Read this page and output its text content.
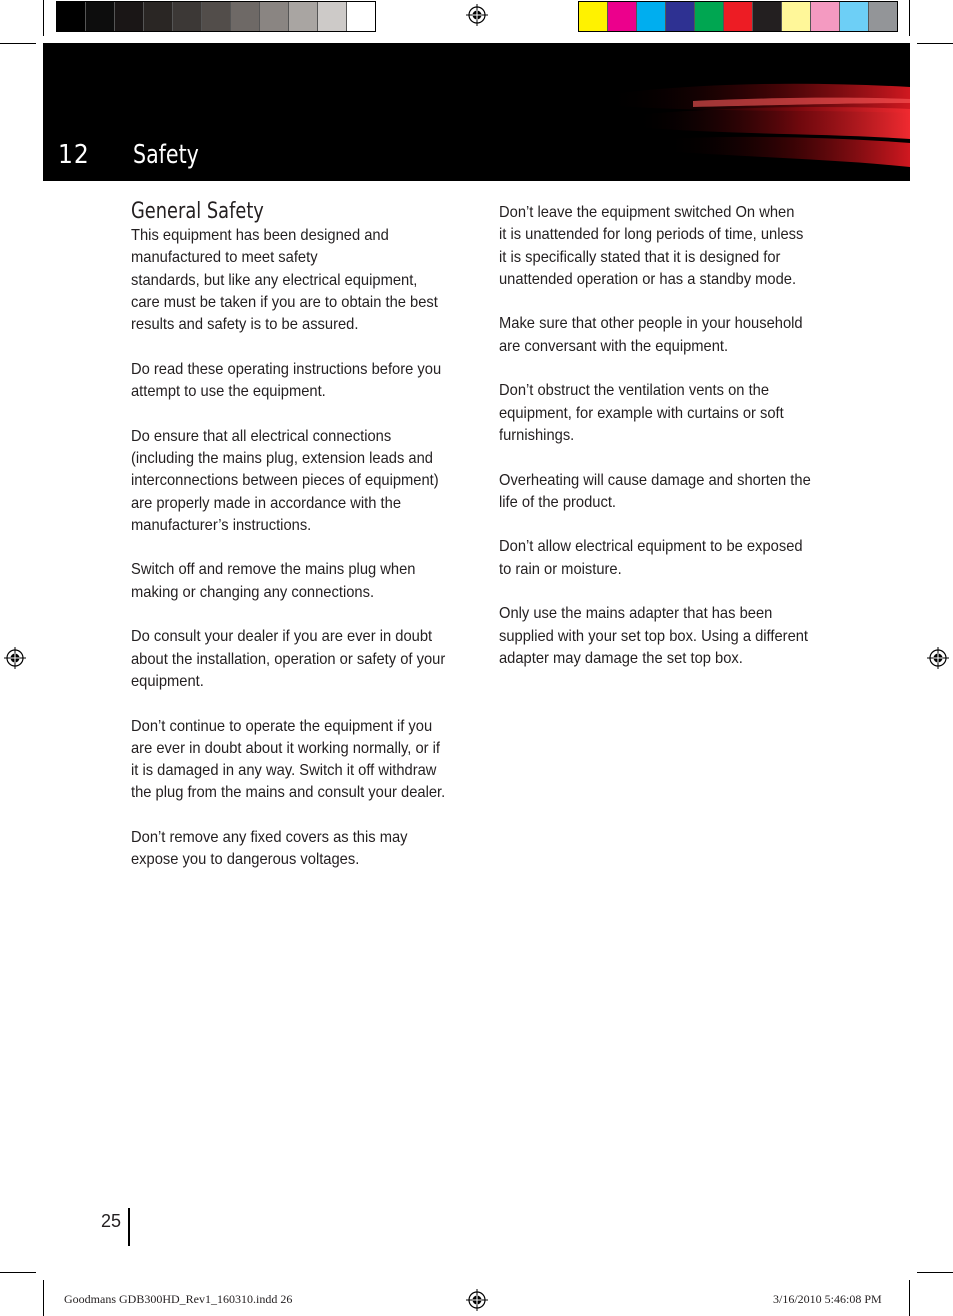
12 Safety
General Safety

This equipment has been designed and
manufactured to meet safety
standards, but like any electrical equipment,
care must be taken if you are to obtain the best
results and safety is to be assured.

Do read these operating instructions before you
attempt to use the equipment.

Do ensure that all electrical connections
(including the mains plug, extension leads and
interconnections between pieces of equipment)
are properly made in accordance with the
manufacturer’s instructions.

Switch off and remove the mains plug when
making or changing any connections.

Do consult your dealer if you are ever in doubt
about the installation, operation or safety of your
equipment.

Don’t continue to operate the equipment if you
are ever in doubt about it working normally, or if
it is damaged in any way. Switch it off withdraw
the plug from the mains and consult your dealer.

Don’t remove any fixed covers as this may
expose you to dangerous voltages.

Don’t leave the equipment switched On when
it is unattended for long periods of time, unless
it is specifically stated that it is designed for
unattended operation or has a standby mode.

Make sure that other people in your household
are conversant with the equipment.

Don’t obstruct the ventilation vents on the
equipment, for example with curtains or soft
furnishings.

Overheating will cause damage and shorten the
life of the product.

Don’t allow electrical equipment to be exposed
to rain or moisture.

Only use the mains adapter that has been
supplied with your set top box. Using a different
adapter may damage the set top box.

25
Goodmans GDB300HD_Rev1_160310.indd 26	3/16/2010 5:46:08 PM
